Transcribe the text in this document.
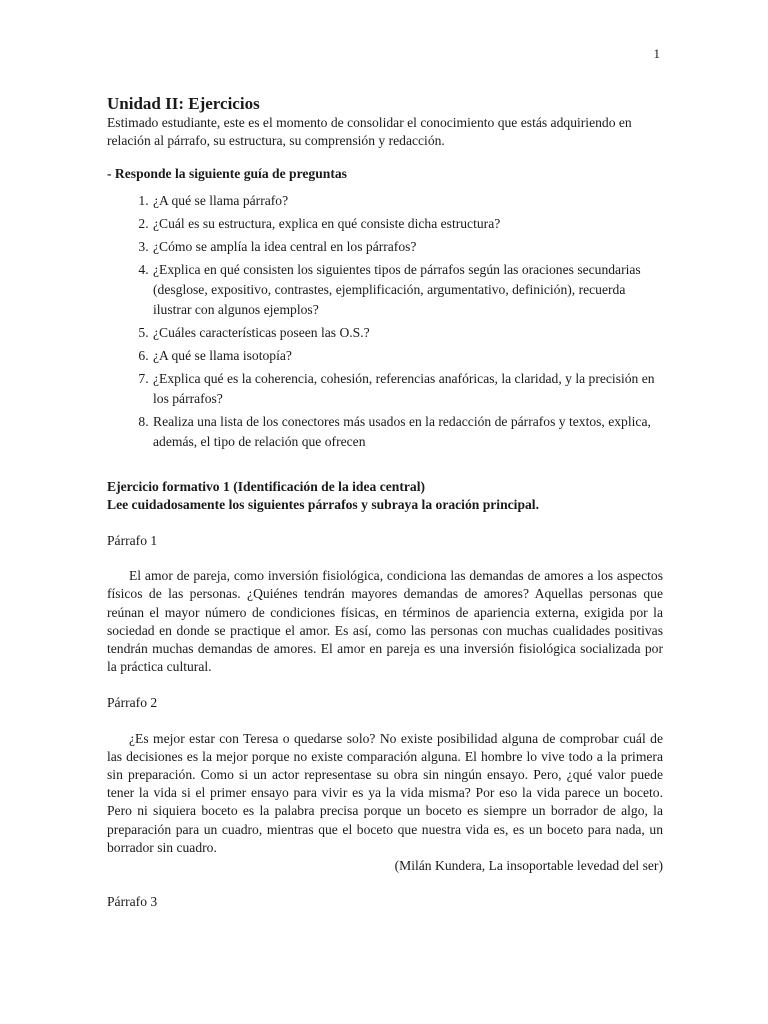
1
Unidad II: Ejercicios

Estimado estudiante, este es el momento de consolidar el conocimiento que estás adquiriendo en relación al párrafo, su estructura, su comprensión y redacción.

- Responde la siguiente guía de preguntas

1. ¿A qué se llama párrafo?
2. ¿Cuál es su estructura, explica en qué consiste dicha estructura?
3. ¿Cómo se amplía la idea central en los párrafos?
4. ¿Explica en qué consisten los siguientes tipos de párrafos según las oraciones secundarias (desglose, expositivo, contrastes, ejemplificación, argumentativo, definición), recuerda ilustrar con algunos ejemplos?
5. ¿Cuáles características poseen las O.S.?
6. ¿A qué se llama isotopía?
7. ¿Explica qué es la coherencia, cohesión, referencias anafóricas, la claridad, y la precisión en los párrafos?
8. Realiza una lista de los conectores más usados en la redacción de párrafos y textos, explica, además, el tipo de relación que ofrecen

Ejercicio formativo 1 (Identificación de la idea central)

Lee cuidadosamente los siguientes párrafos y subraya la oración principal.

Párrafo 1

El amor de pareja, como inversión fisiológica, condiciona las demandas de amores a los aspectos físicos de las personas. ¿Quiénes tendrán mayores demandas de amores? Aquellas personas que reúnan el mayor número de condiciones físicas, en términos de apariencia externa, exigida por la sociedad en donde se practique el amor. Es así, como las personas con muchas cualidades positivas tendrán muchas demandas de amores. El amor en pareja es una inversión fisiológica socializada por la práctica cultural.

Párrafo 2

¿Es mejor estar con Teresa o quedarse solo? No existe posibilidad alguna de comprobar cuál de las decisiones es la mejor porque no existe comparación alguna. El hombre lo vive todo a la primera sin preparación. Como si un actor representase su obra sin ningún ensayo. Pero, ¿qué valor puede tener la vida si el primer ensayo para vivir es ya la vida misma? Por eso la vida parece un boceto. Pero ni siquiera boceto es la palabra precisa porque un boceto es siempre un borrador de algo, la preparación para un cuadro, mientras que el boceto que nuestra vida es, es un boceto para nada, un borrador sin cuadro.

(Milán Kundera, La insoportable levedad del ser)

Párrafo 3
